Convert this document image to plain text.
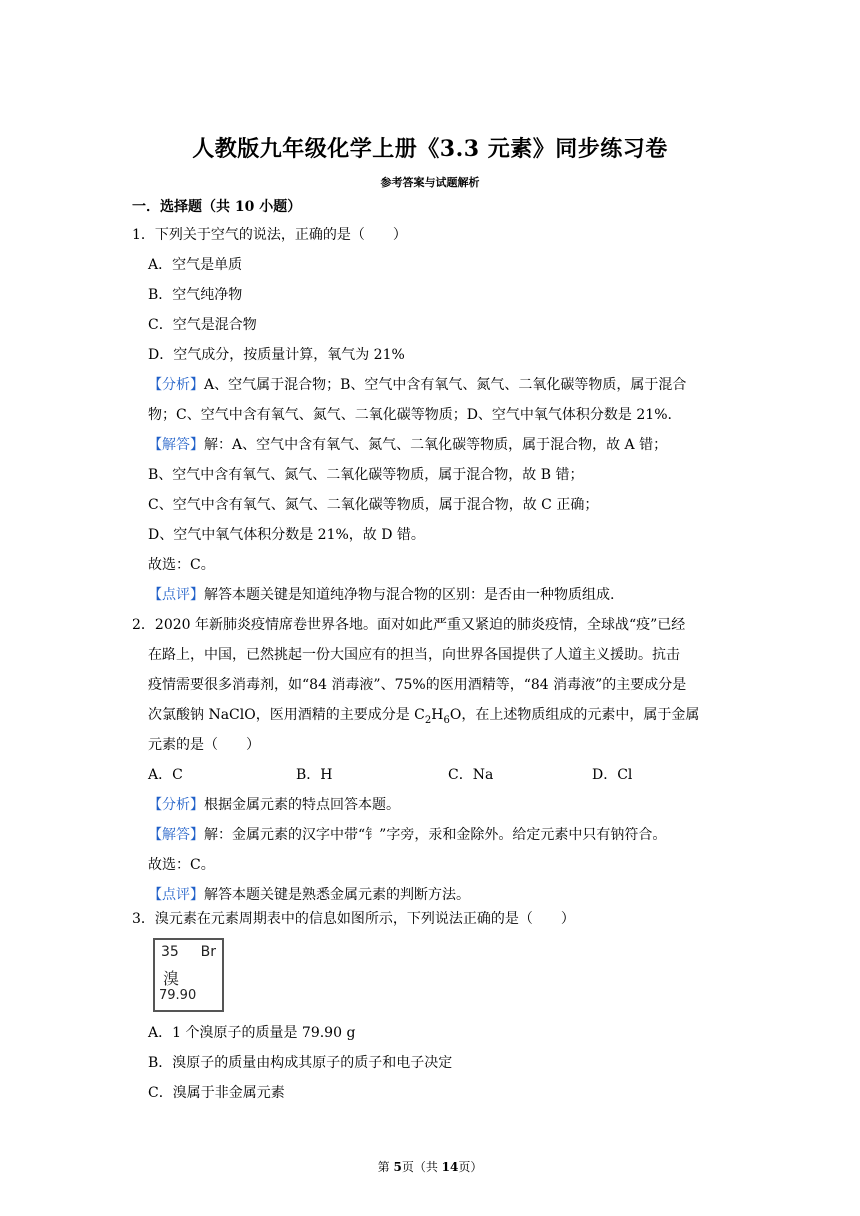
人教版九年级化学上册《3.3 元素》同步练习卷
参考答案与试题解析
一．选择题（共 10 小题）
1．下列关于空气的说法，正确的是（　　）
A．空气是单质
B．空气纯净物
C．空气是混合物
D．空气成分，按质量计算，氧气为 21%
【分析】A、空气属于混合物；B、空气中含有氧气、氮气、二氧化碳等物质，属于混合
物；C、空气中含有氧气、氮气、二氧化碳等物质；D、空气中氧气体积分数是 21%.
【解答】解：A、空气中含有氧气、氮气、二氧化碳等物质，属于混合物，故 A 错；
B、空气中含有氧气、氮气、二氧化碳等物质，属于混合物，故 B 错；
C、空气中含有氧气、氮气、二氧化碳等物质，属于混合物，故 C 正确；
D、空气中氧气体积分数是 21%，故 D 错。
故选：C。
【点评】解答本题关键是知道纯净物与混合物的区别：是否由一种物质组成.
2．2020 年新肺炎疫情席卷世界各地。面对如此严重又紧迫的肺炎疫情，全球战“疫”已经
在路上，中国，已然挑起一份大国应有的担当，向世界各国提供了人道主义援助。抗击
疫情需要很多消毒剂，如“84 消毒液”、75%的医用酒精等，“84 消毒液”的主要成分是
次氯酸钠 NaClO，医用酒精的主要成分是 $C_2H_6O$，在上述物质组成的元素中，属于金属
元素的是（　　）
A．C	B．H	C．Na	D．Cl
【分析】根据金属元素的特点回答本题。
【解答】解：金属元素的汉字中带“钅”字旁，汞和金除外。给定元素中只有钠符合。
故选：C。
【点评】解答本题关键是熟悉金属元素的判断方法。
3．溴元素在元素周期表中的信息如图所示，下列说法正确的是（　　）
35 Br
溴
79.90
A．1 个溴原子的质量是 79.90 g
B．溴原子的质量由构成其原子的质子和电子决定
C．溴属于非金属元素
第 5页（共 14页）
